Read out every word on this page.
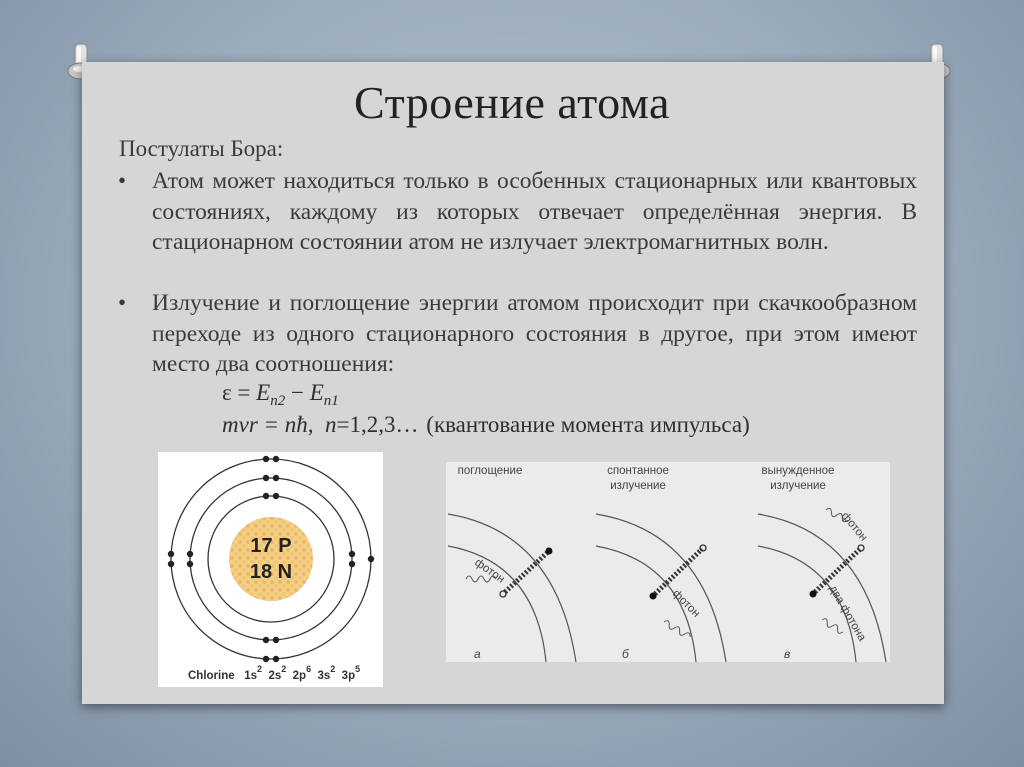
Строение атома
Постулаты Бора:
• Атом может находиться только в особенных стационарных или квантовых состояниях, каждому из которых отвечает определённая энергия. В стационарном состоянии атом не излучает электромагнитных волн.
• Излучение и поглощение энергии атомом происходит при скачкообразном переходе из одного стационарного состояния в другое, при этом имеют место два соотношения:
$\varepsilon = E_{n2} - E_{n1}$
mvr = nħ, n=1,2,3… (квантование момента импульса)
17 P
18 N
Chlorine $1s^2$  $2s^2$  $2p^6$  $3s^2$  $3p^5$
поглощение
фотон
а
спонтанное
излучение
фотон
б
вынужденное
излучение
фотон
два фотона
в
